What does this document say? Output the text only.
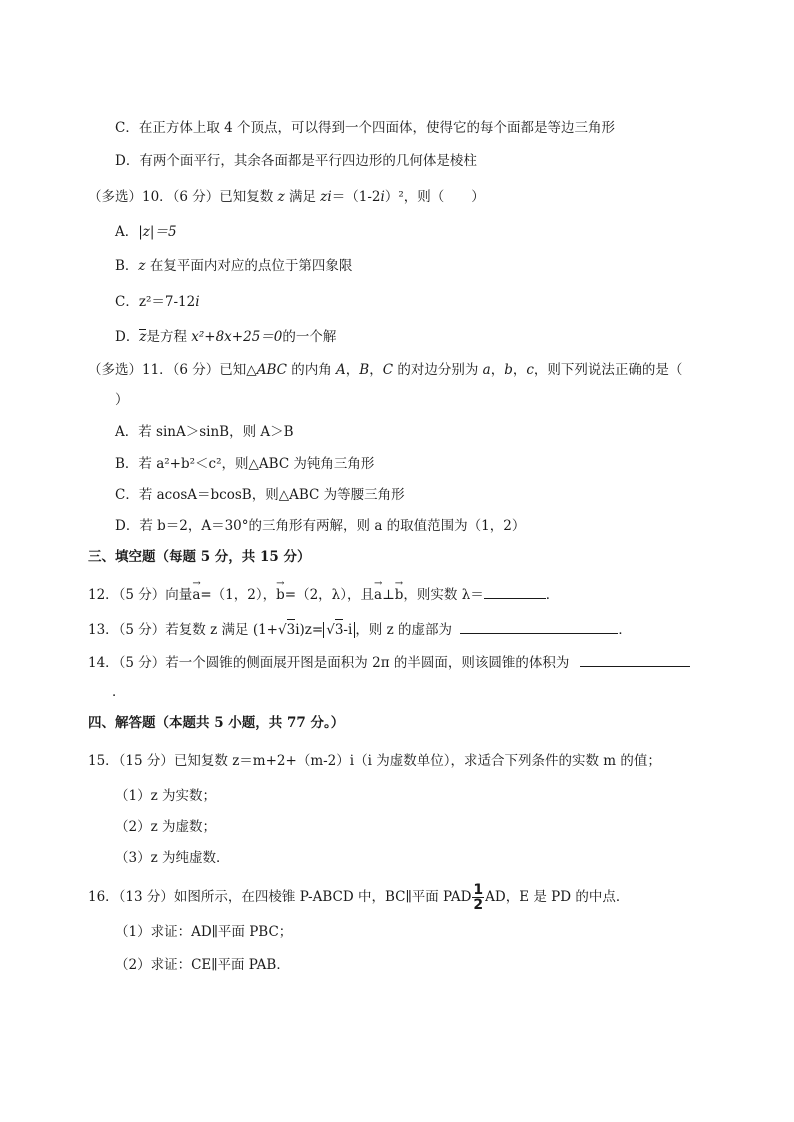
C．在正方体上取 4 个顶点，可以得到一个四面体，使得它的每个面都是等边三角形
D．有两个面平行，其余各面都是平行四边形的几何体是棱柱
（多选）10．（6 分）已知复数 z 满足 zi＝（1-2i）²，则（　　）
A．|z|＝5
B．z 在复平面内对应的点位于第四象限
C．z²＝7-12i
D．z是方程 x²+8x+25＝0的一个解
（多选）11．（6 分）已知△ABC 的内角 A，B，C 的对边分别为 a，b，c，则下列说法正确的是（
）
A．若 sinA＞sinB，则 A＞B
B．若 a²+b²＜c²，则△ABC 为钝角三角形
C．若 acosA＝bcosB，则△ABC 为等腰三角形
D．若 b＝2，A＝30°的三角形有两解，则 a 的取值范围为（1，2）
三、填空题（每题 5 分，共 15 分）
12．（5 分）向量→ a=（1，2），→ b=（2，λ），且→ a⊥→ b，则实数 λ＝	．
13．（5 分）若复数 z 满足 (1+√3i)z= √3-i ，则 z 的虚部为	．
14．（5 分）若一个圆锥的侧面展开图是面积为 2π 的半圆面，则该圆锥的体积为
．
四、解答题（本题共 5 小题，共 77 分。）
15．（15 分）已知复数 z＝m+2+（m-2）i（i 为虚数单位），求适合下列条件的实数 m 的值；
（1）z 为实数；
（2）z 为虚数；
（3）z 为纯虚数．
16．（13 分）如图所示，在四棱锥 P-ABCD 中，BC∥平面 PAD $\frac{1}{2}$ AD，E 是 PD 的中点．
（1）求证：AD∥平面 PBC；
（2）求证：CE∥平面 PAB．
